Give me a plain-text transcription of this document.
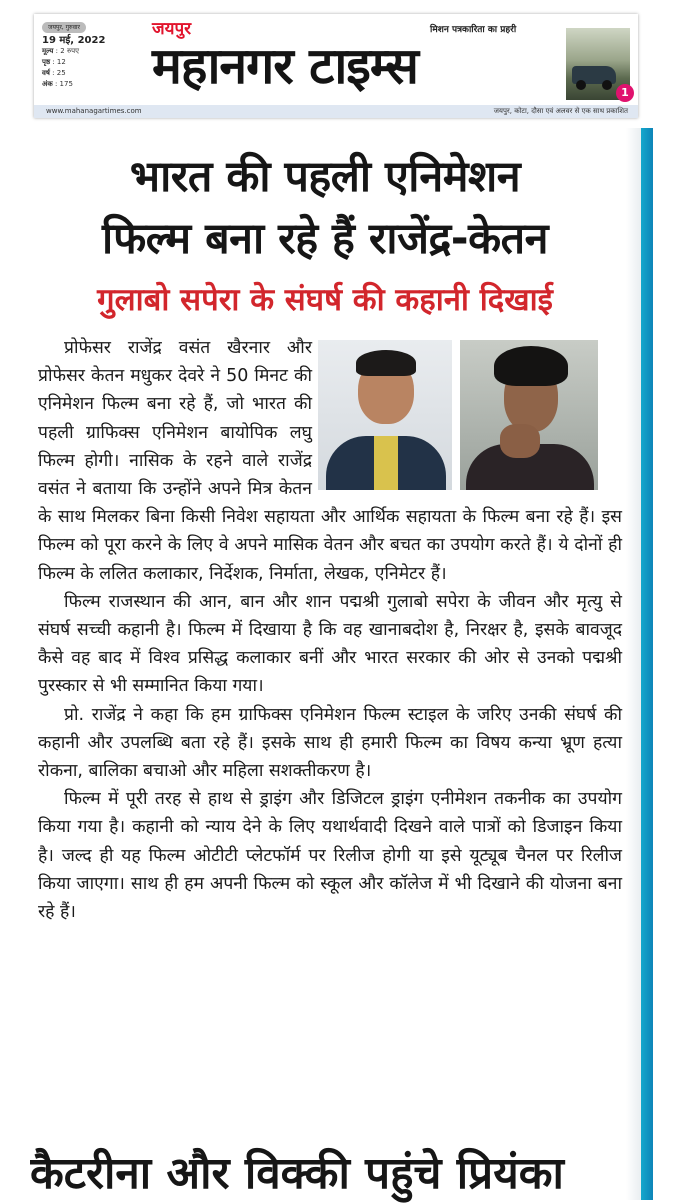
जयपुर, गुरुवार
19 मई, 2022
मूल्य : 2 रुपए
पृष्ठ : 12
वर्ष : 25
अंक : 175
जयपुर	मिशन पत्रकारिता का प्रहरी
महानगर टाइम्स	1
www.mahanagartimes.com	जयपुर, कोटा, दौसा एवं अलवर से एक साथ प्रकाशित
भारत की पहली एनिमेशन
फिल्म बना रहे हैं राजेंद्र-केतन
गुलाबो सपेरा के संघर्ष की कहानी दिखाई

प्रोफेसर राजेंद्र वसंत खैरनार और प्रोफेसर केतन मधुकर देवरे ने 50 मिनट की एनिमेशन फिल्म बना रहे हैं, जो भारत की पहली ग्राफिक्स एनिमेशन बायोपिक लघु फिल्म होगी। नासिक के रहने वाले राजेंद्र वसंत ने बताया कि उन्होंने अपने मित्र केतन के साथ मिलकर बिना किसी निवेश सहायता और आर्थिक सहायता के फिल्म बना रहे हैं। इस फिल्म को पूरा करने के लिए वे अपने मासिक वेतन और बचत का उपयोग करते हैं। ये दोनों ही फिल्म के ललित कलाकार, निर्देशक, निर्माता, लेखक, एनिमेटर हैं।

फिल्म राजस्थान की आन, बान और शान पद्मश्री गुलाबो सपेरा के जीवन और मृत्यु से संघर्ष सच्ची कहानी है। फिल्म में दिखाया है कि वह खानाबदोश है, निरक्षर है, इसके बावजूद कैसे वह बाद में विश्व प्रसिद्ध कलाकार बनीं और भारत सरकार की ओर से उनको पद्मश्री पुरस्कार से भी सम्मानित किया गया।

प्रो. राजेंद्र ने कहा कि हम ग्राफिक्स एनिमेशन फिल्म स्टाइल के जरिए उनकी संघर्ष की कहानी और उपलब्धि बता रहे हैं। इसके साथ ही हमारी फिल्म का विषय कन्या भ्रूण हत्या रोकना, बालिका बचाओ और महिला सशक्तीकरण है।

फिल्म में पूरी तरह से हाथ से ड्राइंग और डिजिटल ड्राइंग एनीमेशन तकनीक का उपयोग किया गया है। कहानी को न्याय देने के लिए यथार्थवादी दिखने वाले पात्रों को डिजाइन किया है। जल्द ही यह फिल्म ओटीटी प्लेटफॉर्म पर रिलीज होगी या इसे यूट्यूब चैनल पर रिलीज किया जाएगा। साथ ही हम अपनी फिल्म को स्कूल और कॉलेज में भी दिखाने की योजना बना रहे हैं।

कैटरीना और विक्की पहुंचे प्रियंका
